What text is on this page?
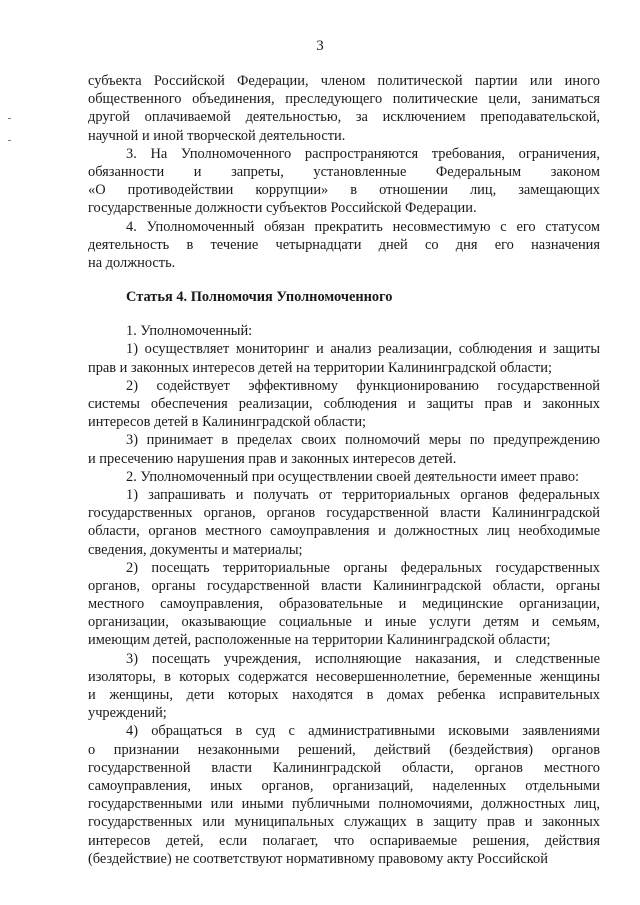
3
субъекта Российской Федерации, членом политической партии или иного
общественного объединения, преследующего политические цели, заниматься
другой оплачиваемой деятельностью, за исключением преподавательской,
научной и иной творческой деятельности.
3. На Уполномоченного распространяются требования, ограничения,
обязанности и запреты, установленные Федеральным законом
«О противодействии коррупции» в отношении лиц, замещающих
государственные должности субъектов Российской Федерации.
4. Уполномоченный обязан прекратить несовместимую с его статусом
деятельность в течение четырнадцати дней со дня его назначения
на должность.
Статья 4. Полномочия Уполномоченного
1. Уполномоченный:
1) осуществляет мониторинг и анализ реализации, соблюдения и защиты
прав и законных интересов детей на территории Калининградской области;
2) содействует эффективному функционированию государственной
системы обеспечения реализации, соблюдения и защиты прав и законных
интересов детей в Калининградской области;
3) принимает в пределах своих полномочий меры по предупреждению
и пресечению нарушения прав и законных интересов детей.
2. Уполномоченный при осуществлении своей деятельности имеет право:
1) запрашивать и получать от территориальных органов федеральных
государственных органов, органов государственной власти Калининградской
области, органов местного самоуправления и должностных лиц необходимые
сведения, документы и материалы;
2) посещать территориальные органы федеральных государственных
органов, органы государственной власти Калининградской области, органы
местного самоуправления, образовательные и медицинские организации,
организации, оказывающие социальные и иные услуги детям и семьям,
имеющим детей, расположенные на территории Калининградской области;
3) посещать учреждения, исполняющие наказания, и следственные
изоляторы, в которых содержатся несовершеннолетние, беременные женщины
и женщины, дети которых находятся в домах ребенка исправительных
учреждений;
4) обращаться в суд с административными исковыми заявлениями
о признании незаконными решений, действий (бездействия) органов
государственной власти Калининградской области, органов местного
самоуправления, иных органов, организаций, наделенных отдельными
государственными или иными публичными полномочиями, должностных лиц,
государственных или муниципальных служащих в защиту прав и законных
интересов детей, если полагает, что оспариваемые решения, действия
(бездействие) не соответствуют нормативному правовому акту Российской
